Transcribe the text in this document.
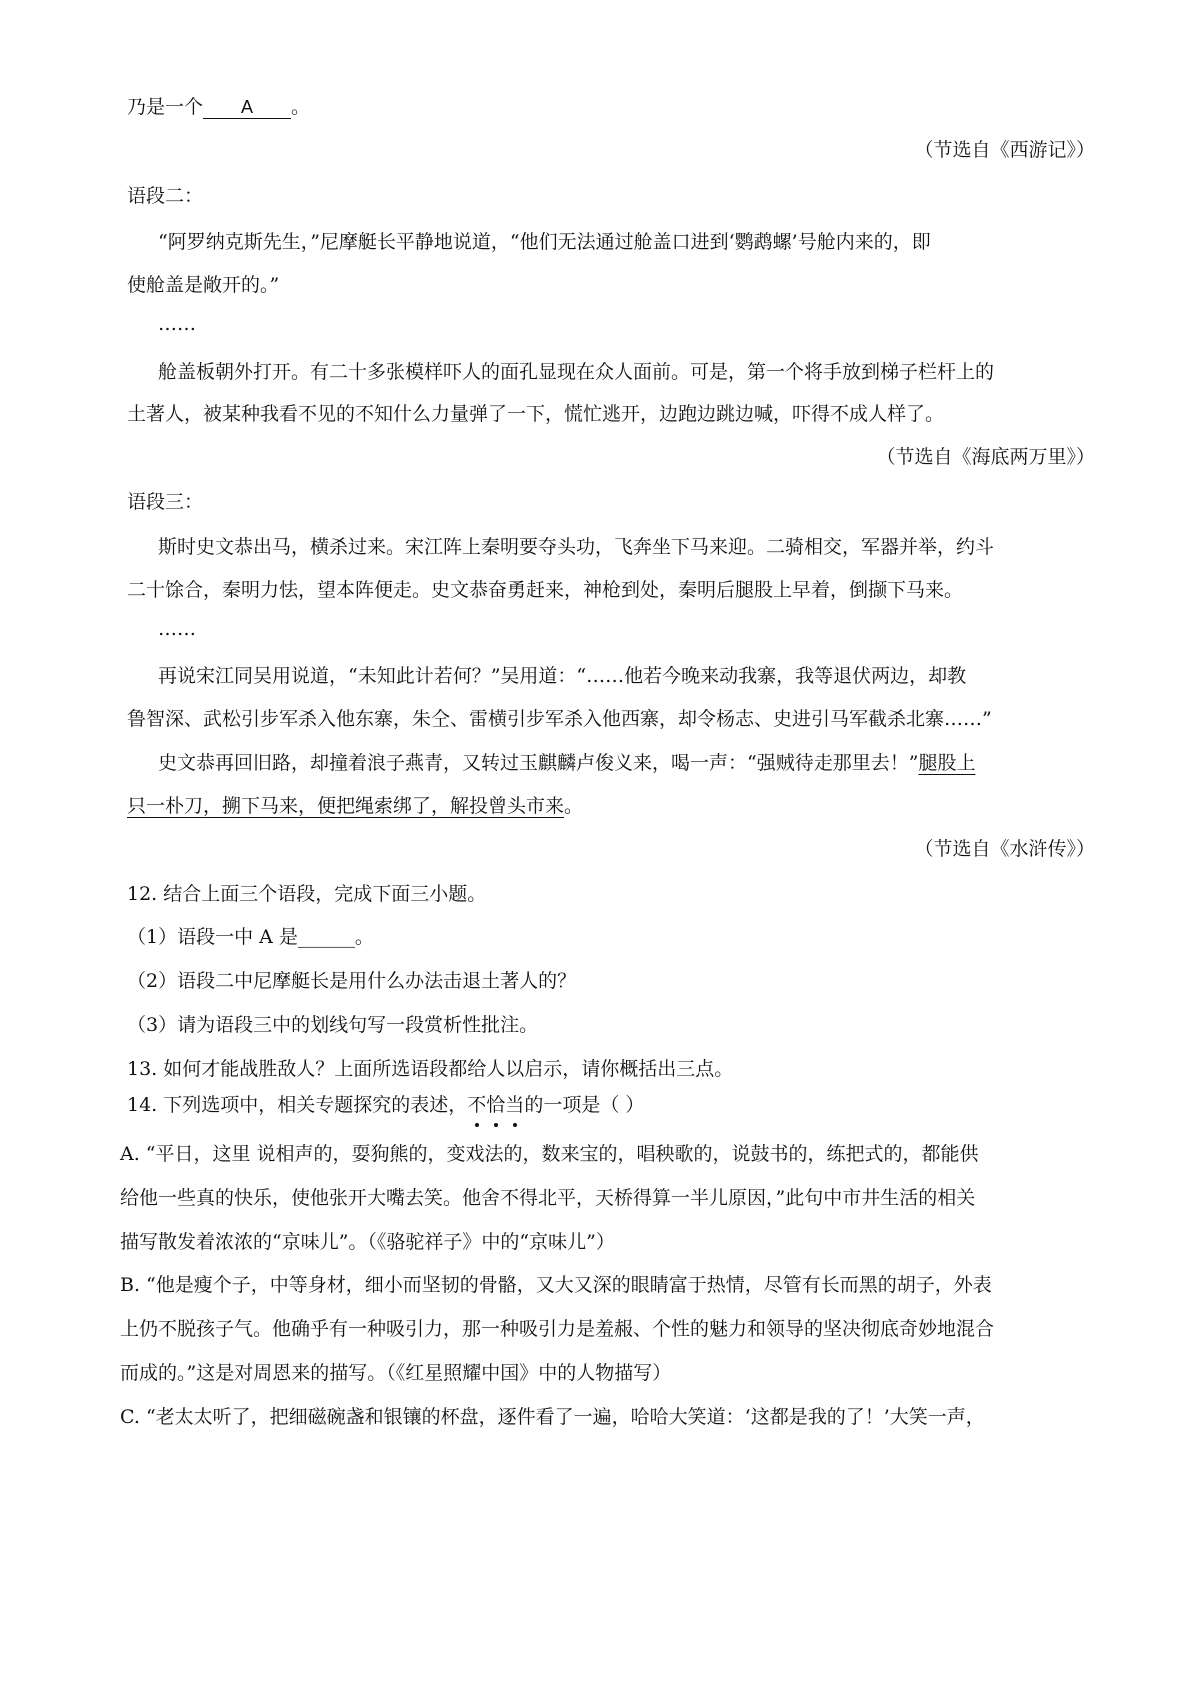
乃是一个 A 。
（节选自《西游记》）
语段二：
“阿罗纳克斯先生，”尼摩艇长平静地说道，“他们无法通过舱盖口进到‘鹦鹉螺’号舱内来的，即
使舱盖是敞开的。”
……
舱盖板朝外打开。有二十多张模样吓人的面孔显现在众人面前。可是，第一个将手放到梯子栏杆上的
土著人，被某种我看不见的不知什么力量弹了一下，慌忙逃开，边跑边跳边喊，吓得不成人样了。
（节选自《海底两万里》）
语段三：
斯时史文恭出马，横杀过来。宋江阵上秦明要夺头功，飞奔坐下马来迎。二骑相交，军器并举，约斗
二十馀合，秦明力怯，望本阵便走。史文恭奋勇赶来，神枪到处，秦明后腿股上早着，倒撷下马来。
……
再说宋江同吴用说道，“未知此计若何？”吴用道：“……他若今晚来动我寨，我等退伏两边，却教
鲁智深、武松引步军杀入他东寨，朱仝、雷横引步军杀入他西寨，却令杨志、史进引马军截杀北寨……”
史文恭再回旧路，却撞着浪子燕青，又转过玉麒麟卢俊义来，喝一声：“强贼待走那里去！”腿股上
只一朴刀，搠下马来，便把绳索绑了，解投曾头市来。
（节选自《水浒传》）
12. 结合上面三个语段，完成下面三小题。
（1）语段一中 A 是______。
（2）语段二中尼摩艇长是用什么办法击退土著人的？
（3）请为语段三中的划线句写一段赏析性批注。
13. 如何才能战胜敌人？上面所选语段都给人以启示，请你概括出三点。
14. 下列选项中，相关专题探究的表述，不恰当的一项是（ ）
A. “平日，这里 说相声的，耍狗熊的，变戏法的，数来宝的，唱秧歌的，说鼓书的，练把式的，都能供
给他一些真的快乐，使他张开大嘴去笑。他舍不得北平，天桥得算一半儿原因，”此句中市井生活的相关
描写散发着浓浓的“京味儿”。（《骆驼祥子》中的“京味儿”）
B. “他是瘦个子，中等身材，细小而坚韧的骨骼，又大又深的眼睛富于热情，尽管有长而黑的胡子，外表
上仍不脱孩子气。他确乎有一种吸引力，那一种吸引力是羞赧、个性的魅力和领导的坚决彻底奇妙地混合
而成的。”这是对周恩来的描写。（《红星照耀中国》中的人物描写）
C. “老太太听了，把细磁碗盏和银镶的杯盘，逐件看了一遍，哈哈大笑道：‘这都是我的了！’大笑一声，
